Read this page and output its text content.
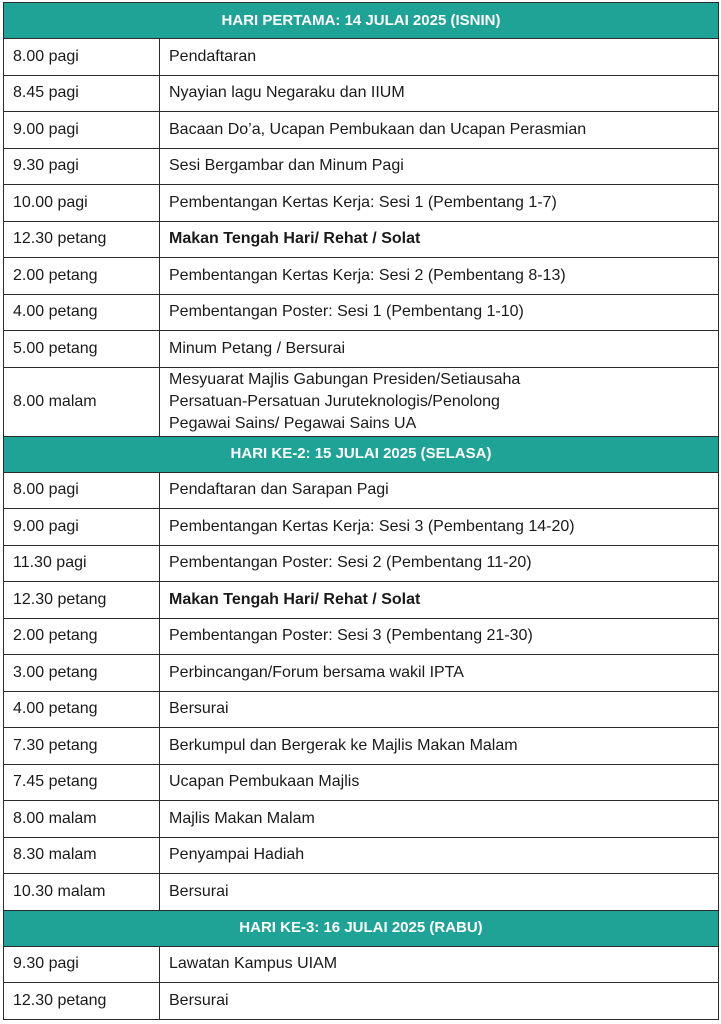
HARI PERTAMA: 14 JULAI 2025 (ISNIN)	
8.00 pagi	Pendaftaran
8.45 pagi	Nyayian lagu Negaraku dan IIUM
9.00 pagi	Bacaan Do’a, Ucapan Pembukaan dan Ucapan Perasmian
9.30 pagi	Sesi Bergambar dan Minum Pagi
10.00 pagi	Pembentangan Kertas Kerja: Sesi 1 (Pembentang 1-7)
12.30 petang	Makan Tengah Hari/ Rehat / Solat
2.00 petang	Pembentangan Kertas Kerja: Sesi 2 (Pembentang 8-13)
4.00 petang	Pembentangan Poster: Sesi 1 (Pembentang 1-10)
5.00 petang	Minum Petang / Bersurai
8.00 malam	Mesyuarat Majlis Gabungan Presiden/Setiausaha
Persatuan-Persatuan Juruteknologis/Penolong
Pegawai Sains/ Pegawai Sains UA

HARI KE-2: 15 JULAI 2025 (SELASA)	
8.00 pagi	Pendaftaran dan Sarapan Pagi
9.00 pagi	Pembentangan Kertas Kerja: Sesi 3 (Pembentang 14-20)
11.30 pagi	Pembentangan Poster: Sesi 2 (Pembentang 11-20)
12.30 petang	Makan Tengah Hari/ Rehat / Solat
2.00 petang	Pembentangan Poster: Sesi 3 (Pembentang 21-30)
3.00 petang	Perbincangan/Forum bersama wakil IPTA
4.00 petang	Bersurai
7.30 petang	Berkumpul dan Bergerak ke Majlis Makan Malam
7.45 petang	Ucapan Pembukaan Majlis
8.00 malam	Majlis Makan Malam
8.30 malam	Penyampai Hadiah
10.30 malam	Bersurai
HARI KE-3: 16 JULAI 2025 (RABU)	
9.30 pagi	Lawatan Kampus UIAM
12.30 petang	Bersurai
